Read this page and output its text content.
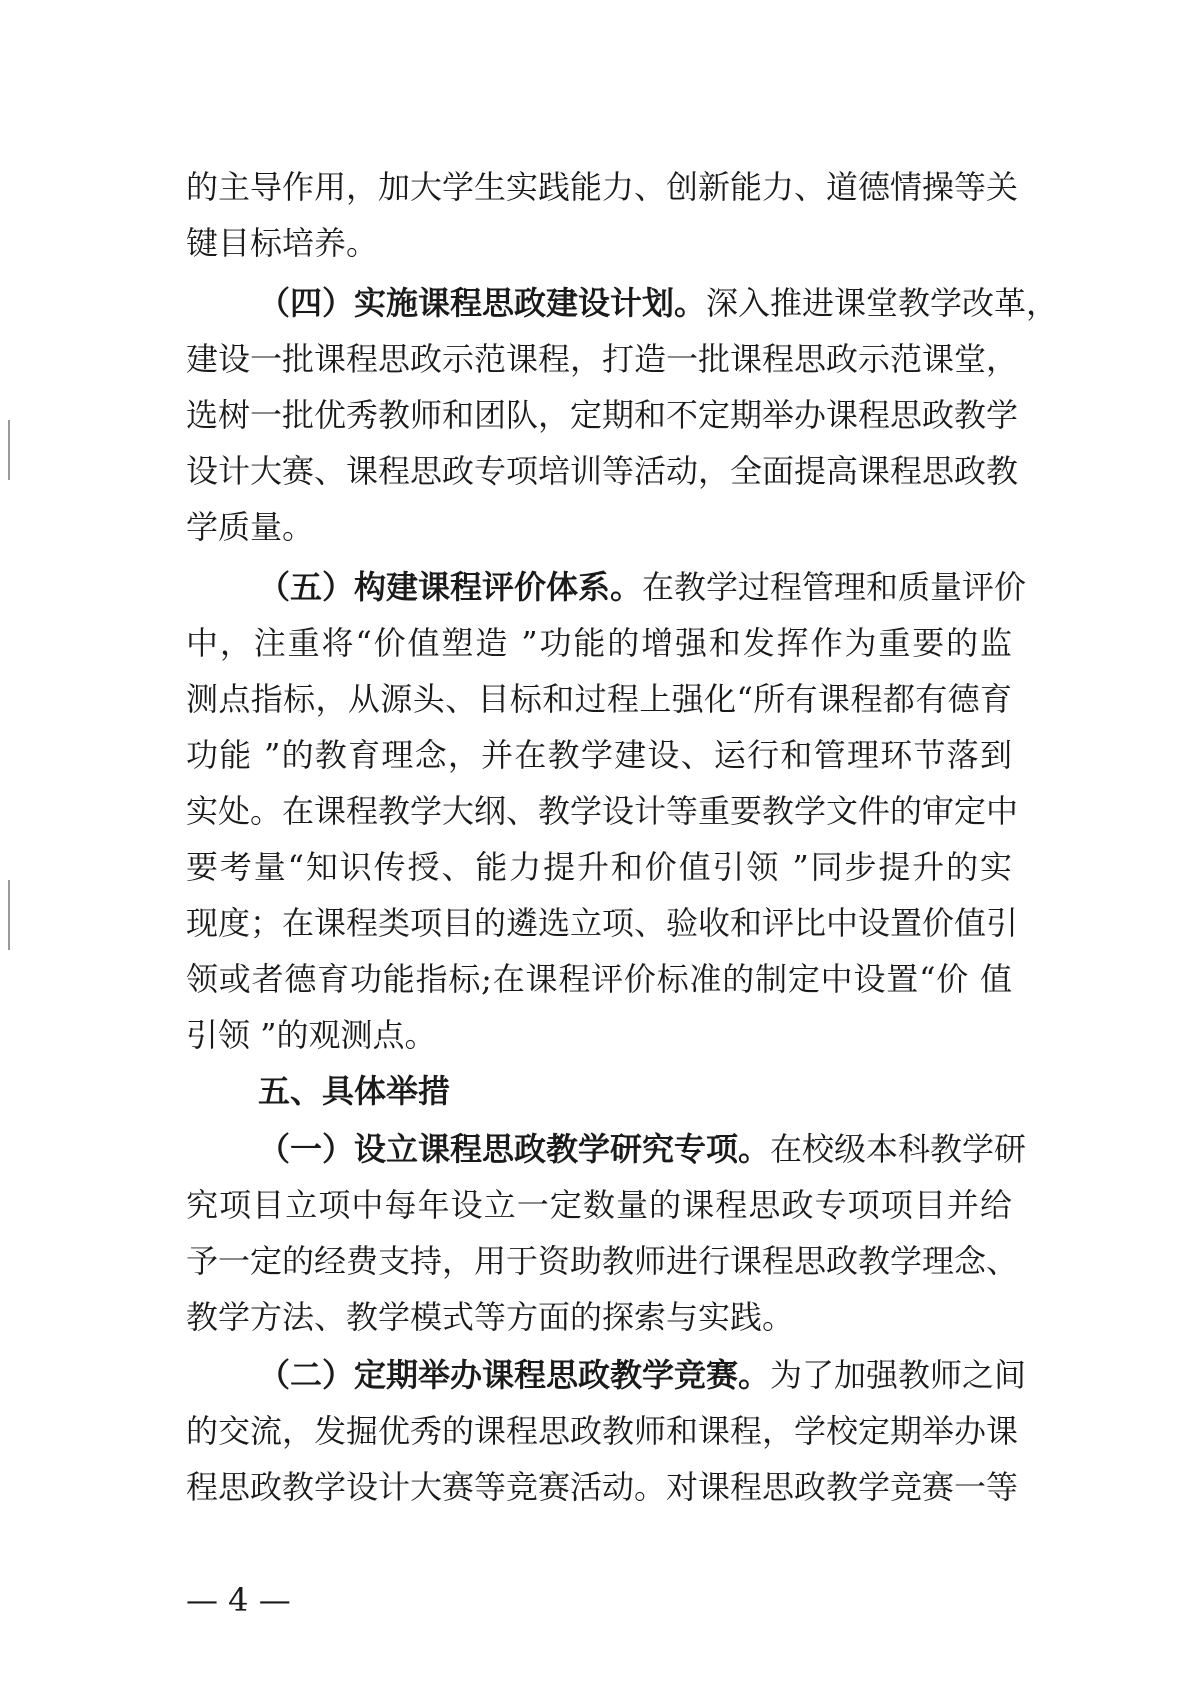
的主导作用，加大学生实践能力、创新能力、道德情操等关
键目标培养。
（四）实施课程思政建设计划。深入推进课堂教学改革，
建设一批课程思政示范课程，打造一批课程思政示范课堂，
选树一批优秀教师和团队，定期和不定期举办课程思政教学
设计大赛、课程思政专项培训等活动，全面提高课程思政教
学质量。
（五）构建课程评价体系。在教学过程管理和质量评价
中，注重将“价值塑造 ”功能的增强和发挥作为重要的监
测点指标，从源头、目标和过程上强化“所有课程都有德育
功能 ”的教育理念，并在教学建设、运行和管理环节落到
实处。在课程教学大纲、教学设计等重要教学文件的审定中
要考量“知识传授、能力提升和价值引领 ”同步提升的实
现度；在课程类项目的遴选立项、验收和评比中设置价值引
领或者德育功能指标;在课程评价标准的制定中设置“价 值
引领 ”的观测点。
五、具体举措
（一）设立课程思政教学研究专项。在校级本科教学研
究项目立项中每年设立一定数量的课程思政专项项目并给
予一定的经费支持，用于资助教师进行课程思政教学理念、
教学方法、教学模式等方面的探索与实践。
（二）定期举办课程思政教学竞赛。为了加强教师之间
的交流，发掘优秀的课程思政教师和课程，学校定期举办课
程思政教学设计大赛等竞赛活动。对课程思政教学竞赛一等
— 4 —
